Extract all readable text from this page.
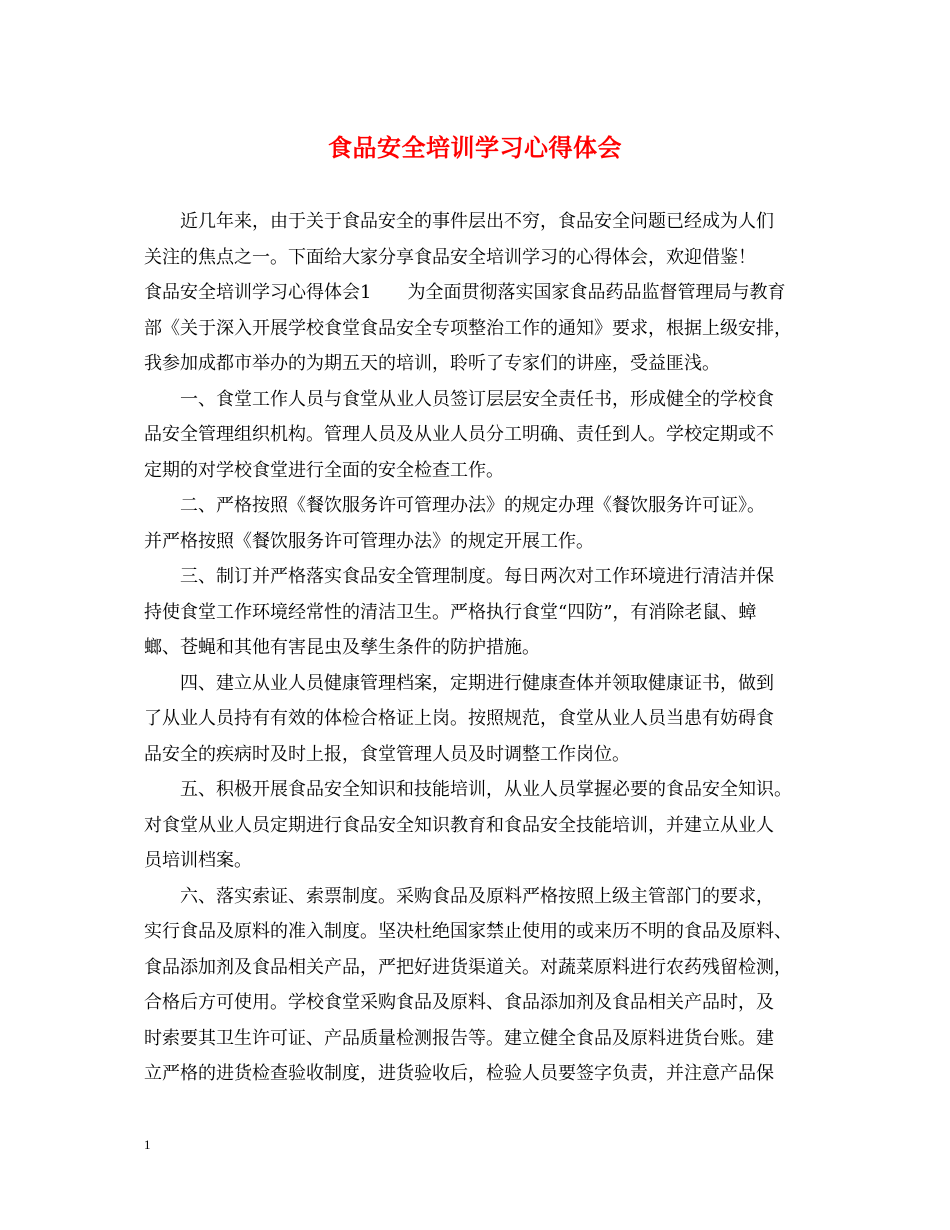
食品安全培训学习心得体会
近几年来，由于关于食品安全的事件层出不穷，食品安全问题已经成为人们
关注的焦点之一。下面给大家分享食品安全培训学习的心得体会，欢迎借鉴！
食品安全培训学习心得体会1　　为全面贯彻落实国家食品药品监督管理局与教育
部《关于深入开展学校食堂食品安全专项整治工作的通知》要求，根据上级安排，
我参加成都市举办的为期五天的培训，聆听了专家们的讲座，受益匪浅。
一、食堂工作人员与食堂从业人员签订层层安全责任书，形成健全的学校食
品安全管理组织机构。管理人员及从业人员分工明确、责任到人。学校定期或不
定期的对学校食堂进行全面的安全检查工作。
二、严格按照《餐饮服务许可管理办法》的规定办理《餐饮服务许可证》。
并严格按照《餐饮服务许可管理办法》的规定开展工作。
三、制订并严格落实食品安全管理制度。每日两次对工作环境进行清洁并保
持使食堂工作环境经常性的清洁卫生。严格执行食堂“四防”，有消除老鼠、蟑
螂、苍蝇和其他有害昆虫及孳生条件的防护措施。
四、建立从业人员健康管理档案，定期进行健康查体并领取健康证书，做到
了从业人员持有有效的体检合格证上岗。按照规范，食堂从业人员当患有妨碍食
品安全的疾病时及时上报，食堂管理人员及时调整工作岗位。
五、积极开展食品安全知识和技能培训，从业人员掌握必要的食品安全知识。
对食堂从业人员定期进行食品安全知识教育和食品安全技能培训，并建立从业人
员培训档案。
六、落实索证、索票制度。采购食品及原料严格按照上级主管部门的要求，
实行食品及原料的准入制度。坚决杜绝国家禁止使用的或来历不明的食品及原料、
食品添加剂及食品相关产品，严把好进货渠道关。对蔬菜原料进行农药残留检测，
合格后方可使用。学校食堂采购食品及原料、食品添加剂及食品相关产品时，及
时索要其卫生许可证、产品质量检测报告等。建立健全食品及原料进货台账。建
立严格的进货检查验收制度，进货验收后，检验人员要签字负责，并注意产品保
1
